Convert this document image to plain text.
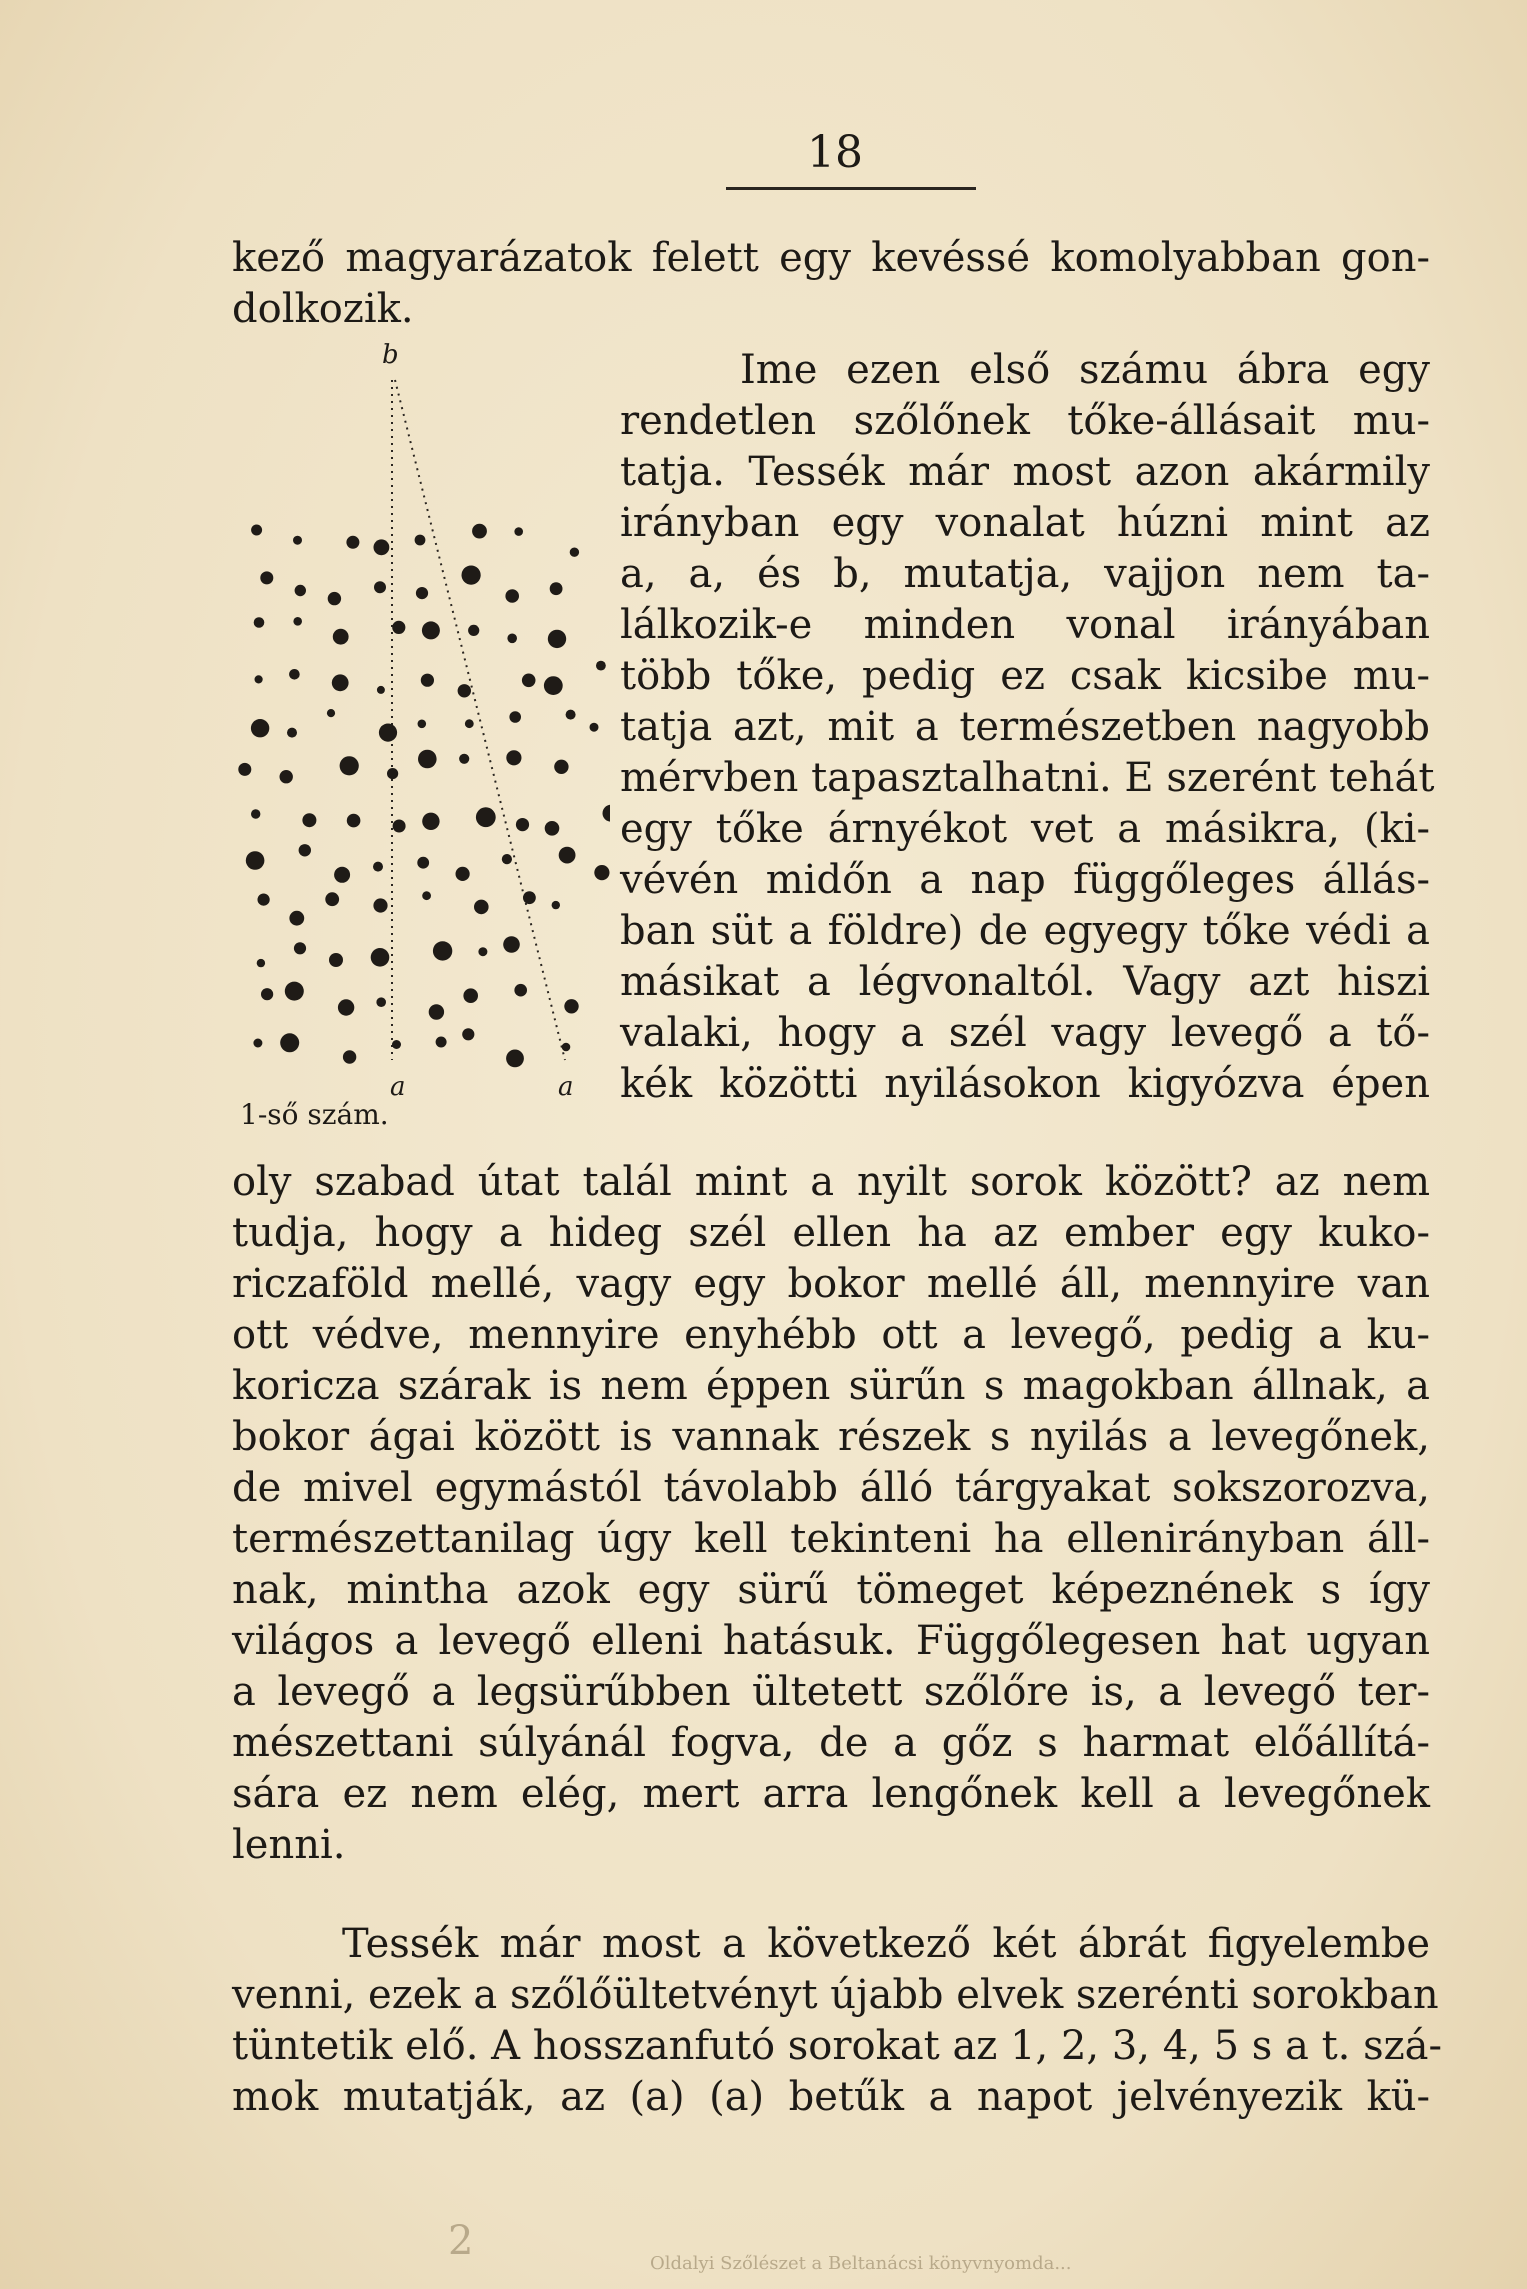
18
kező magyarázatok felett egy kevéssé komolyabban gon-
dolkozik.
b
a	a
1-ső szám.
Ime ezen első számu ábra egy
rendetlen szőlőnek tőke-állásait mu-
tatja. Tessék már most azon akármily
irányban egy vonalat húzni mint az
a, a, és b, mutatja, vajjon nem ta-
lálkozik-e minden vonal irányában
több tőke, pedig ez csak kicsibe mu-
tatja azt, mit a természetben nagyobb
mérvben tapasztalhatni. E szerént tehát
egy tőke árnyékot vet a másikra, (ki-
vévén midőn a nap függőleges állás-
ban süt a földre) de egyegy tőke védi a
másikat a légvonaltól. Vagy azt hiszi
valaki, hogy a szél vagy levegő a tő-
kék közötti nyilásokon kigyózva épen
oly szabad útat talál mint a nyilt sorok között? az nem
tudja, hogy a hideg szél ellen ha az ember egy kuko-
riczaföld mellé, vagy egy bokor mellé áll, mennyire van
ott védve, mennyire enyhébb ott a levegő, pedig a ku-
koricza szárak is nem éppen sürűn s magokban állnak, a
bokor ágai között is vannak részek s nyilás a levegőnek,
de mivel egymástól távolabb álló tárgyakat sokszorozva,
természettanilag úgy kell tekinteni ha ellenirányban áll-
nak, mintha azok egy sürű tömeget képeznének s így
világos a levegő elleni hatásuk. Függőlegesen hat ugyan
a levegő a legsürűbben ültetett szőlőre is, a levegő ter-
mészettani súlyánál fogva, de a gőz s harmat előállítá-
sára ez nem elég, mert arra lengőnek kell a levegőnek
lenni.
Tessék már most a következő két ábrát figyelembe
venni, ezek a szőlőültetvényt újabb elvek szerénti sorokban
tüntetik elő. A hosszanfutó sorokat az 1, 2, 3, 4, 5 s a t. szá-
mok mutatják, az (a) (a) betűk a napot jelvényezik kü-
2	Oldalyi Szőlészet a Beltanácsi könyvnyomda...
